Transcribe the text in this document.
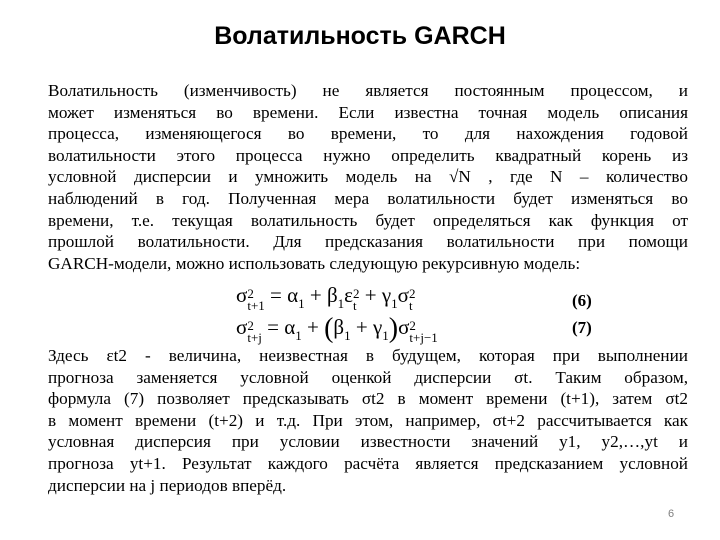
Волатильность GARCH

Волатильность (изменчивость) не является постоянным процессом, и
может изменяться во времени. Если известна точная модель описания
процесса, изменяющегося во времени, то для нахождения годовой
волатильности этого процесса нужно определить квадратный корень из
условной дисперсии и умножить модель на √N , где N – количество
наблюдений в год. Полученная мера волатильности будет изменяться во
времени, т.е. текущая волатильность будет определяться как функция от
прошлой волатильности. Для предсказания волатильности при помощи
GARCH-модели, можно использовать следующую рекурсивную модель:

σ2
$t+1 = \alpha_1 + \beta_1\varepsilon 2$
$t + \gamma_1\sigma 2$
t	(6)
σ2
$t+j = \alpha_1 + (\beta_1 + \gamma_1)\sigma 2$
t+j−1
(7)

Здесь εt2 - величина, неизвестная в будущем, которая при выполнении
прогноза заменяется условной оценкой дисперсии σt. Таким образом,
формула (7) позволяет предсказывать σt2 в момент времени (t+1), затем σt2
в момент времени (t+2) и т.д. При этом, например, σt+2 рассчитывается как
условная дисперсия при условии известности значений y1, y2,…,yt и
прогноза yt+1. Результат каждого расчёта является предсказанием условной
дисперсии на j периодов вперёд.

6
